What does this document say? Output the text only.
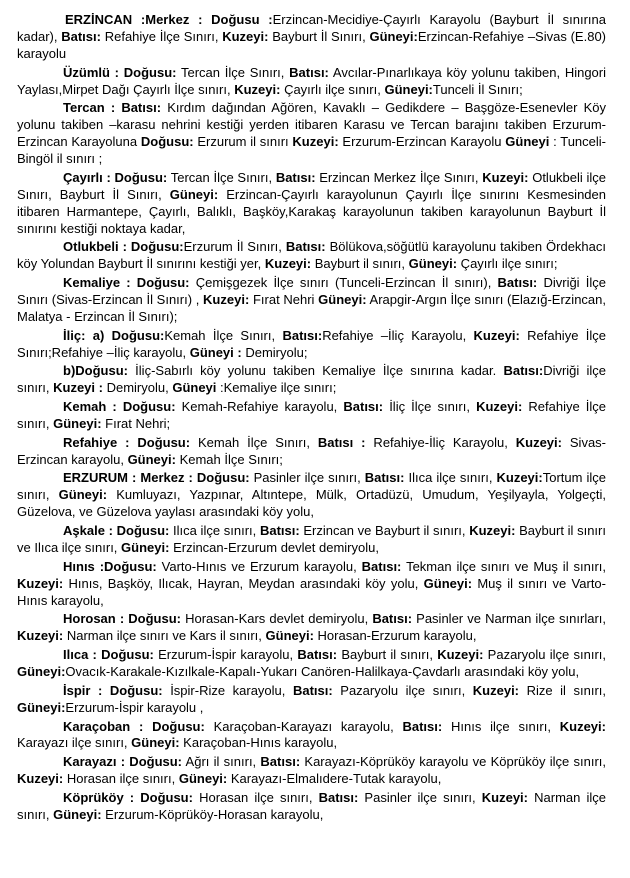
ERZİNCAN :Merkez : Doğusu :Erzincan-Mecidiye-Çayırlı Karayolu (Bayburt İl sınırına kadar), Batısı: Refahiye İlçe Sınırı, Kuzeyi: Bayburt İl Sınırı, Güneyi:Erzincan-Refahiye –Sivas (E.80) karayolu

Üzümlü : Doğusu: Tercan İlçe Sınırı, Batısı: Avcılar-Pınarlıkaya köy yolunu takiben, Hingori Yaylası,Mirpet Dağı Çayırlı İlçe sınırı, Kuzeyi: Çayırlı ilçe sınırı, Güneyi:Tunceli İl Sınırı;

Tercan : Batısı: Kırdım dağından Ağören, Kavaklı – Gedikdere – Başgöze-Esenevler Köy yolunu takiben –karasu nehrini kestiği yerden itibaren Karasu ve Tercan barajını takiben Erzurum-Erzincan Karayoluna Doğusu: Erzurum il sınırı Kuzeyi: Erzurum-Erzincan Karayolu Güneyi : Tunceli-Bingöl il sınırı ;

Çayırlı : Doğusu: Tercan İlçe Sınırı, Batısı: Erzincan Merkez İlçe Sınırı, Kuzeyi: Otlukbeli ilçe Sınırı, Bayburt İl Sınırı, Güneyi: Erzincan-Çayırlı karayolunun Çayırlı İlçe sınırını Kesmesinden itibaren Harmantepe, Çayırlı, Balıklı, Başköy,Karakaş karayolunun takiben karayolunun Bayburt İl sınırını kestiği noktaya kadar,

Otlukbeli : Doğusu:Erzurum İl Sınırı, Batısı: Bölükova,söğütlü karayolunu takiben Ördekhacı köy Yolundan Bayburt İl sınırını kestiği yer, Kuzeyi: Bayburt il sınırı, Güneyi: Çayırlı ilçe sınırı;

Kemaliye : Doğusu: Çemişgezek İlçe sınırı (Tunceli-Erzincan İl sınırı), Batısı: Divriği İlçe Sınırı (Sivas-Erzincan İl Sınırı) , Kuzeyi: Fırat Nehri Güneyi: Arapgir-Argın İlçe sınırı (Elazığ-Erzincan, Malatya - Erzincan İl Sınırı);

İliç: a) Doğusu:Kemah İlçe Sınırı, Batısı:Refahiye –İliç Karayolu, Kuzeyi: Refahiye İlçe Sınırı;Refahiye –İliç karayolu, Güneyi : Demiryolu;

b)Doğusu: İliç-Sabırlı köy yolunu takiben Kemaliye İlçe sınırına kadar. Batısı:Divriği ilçe sınırı, Kuzeyi : Demiryolu, Güneyi :Kemaliye ilçe sınırı;

Kemah : Doğusu: Kemah-Refahiye karayolu, Batısı: İliç İlçe sınırı, Kuzeyi: Refahiye İlçe sınırı, Güneyi: Fırat Nehri;

Refahiye : Doğusu: Kemah İlçe Sınırı, Batısı : Refahiye-İliç Karayolu, Kuzeyi: Sivas-Erzincan karayolu, Güneyi: Kemah İlçe Sınırı;

ERZURUM : Merkez : Doğusu: Pasinler ilçe sınırı, Batısı: Ilıca ilçe sınırı, Kuzeyi:Tortum ilçe sınırı, Güneyi: Kumluyazı, Yazpınar, Altıntepe, Mülk, Ortadüzü, Umudum, Yeşilyayla, Yolgeçti, Güzelova, ve Güzelova yaylası arasındaki köy yolu,

Aşkale : Doğusu: Ilıca ilçe sınırı, Batısı: Erzincan ve Bayburt il sınırı, Kuzeyi: Bayburt il sınırı ve Ilıca ilçe sınırı, Güneyi: Erzincan-Erzurum devlet demiryolu,

Hınıs :Doğusu: Varto-Hınıs ve Erzurum karayolu, Batısı: Tekman ilçe sınırı ve Muş il sınırı, Kuzeyi: Hınıs, Başköy, Ilıcak, Hayran, Meydan arasındaki köy yolu, Güneyi: Muş il sınırı ve Varto-Hınıs karayolu,

Horosan : Doğusu: Horasan-Kars devlet demiryolu, Batısı: Pasinler ve Narman ilçe sınırları, Kuzeyi: Narman ilçe sınırı ve Kars il sınırı, Güneyi: Horasan-Erzurum karayolu,

Ilıca : Doğusu: Erzurum-İspir karayolu, Batısı: Bayburt il sınırı, Kuzeyi: Pazaryolu ilçe sınırı, Güneyi:Ovacık-Karakale-Kızılkale-Kapalı-Yukarı Canören-Halilkaya-Çavdarlı arasındaki köy yolu,

İspir : Doğusu: İspir-Rize karayolu, Batısı: Pazaryolu ilçe sınırı, Kuzeyi: Rize il sınırı, Güneyi:Erzurum-İspir karayolu ,

Karaçoban : Doğusu: Karaçoban-Karayazı karayolu, Batısı: Hınıs ilçe sınırı, Kuzeyi: Karayazı ilçe sınırı, Güneyi: Karaçoban-Hınıs karayolu,

Karayazı : Doğusu: Ağrı il sınırı, Batısı: Karayazı-Köprüköy karayolu ve Köprüköy ilçe sınırı, Kuzeyi: Horasan ilçe sınırı, Güneyi: Karayazı-Elmalıdere-Tutak karayolu,

Köprüköy : Doğusu: Horasan ilçe sınırı, Batısı: Pasinler ilçe sınırı, Kuzeyi: Narman ilçe sınırı, Güneyi: Erzurum-Köprüköy-Horasan karayolu,
